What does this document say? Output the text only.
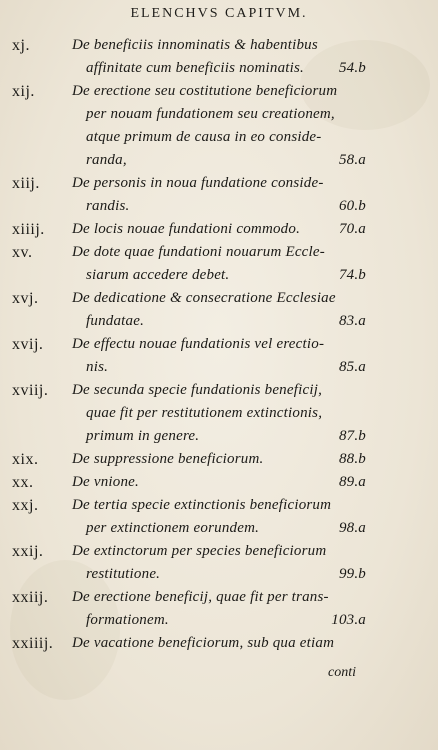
ELENCHVS CAPITVM.
xj.	De beneficiis innominatis & habentibus
affinitate cum beneficiis nominatis. 54.b
xij.	De erectione seu costitutione beneficiorum
per nouam fundationem seu creationem,
atque primum de causa in eo conside-
randa,	58.a
xiij.	De personis in noua fundatione conside-
randis.	60.b
xiiij.	De locis nouae fundationi commodo.	70.a
xv.	De dote quae fundationi nouarum Eccle-
siarum accedere debet.	74.b
xvj.	De dedicatione & consecratione Ecclesiae
fundatae.	83.a
xvij.	De effectu nouae fundationis vel erectio-
nis.	85.a
xviij.	De secunda specie fundationis beneficij,
quae fit per restitutionem extinctionis,
primum in genere.	87.b
xix.	De suppressione beneficiorum.	88.b
xx.	De vnione.	89.a
xxj.	De tertia specie extinctionis beneficiorum
per extinctionem eorundem.	98.a
xxij.	De extinctorum per species beneficiorum
restitutione.	99.b
xxiij.	De erectione beneficij, quae fit per trans-
formationem.	103.a
xxiiij.	De vacatione beneficiorum, sub qua etiam
conti
